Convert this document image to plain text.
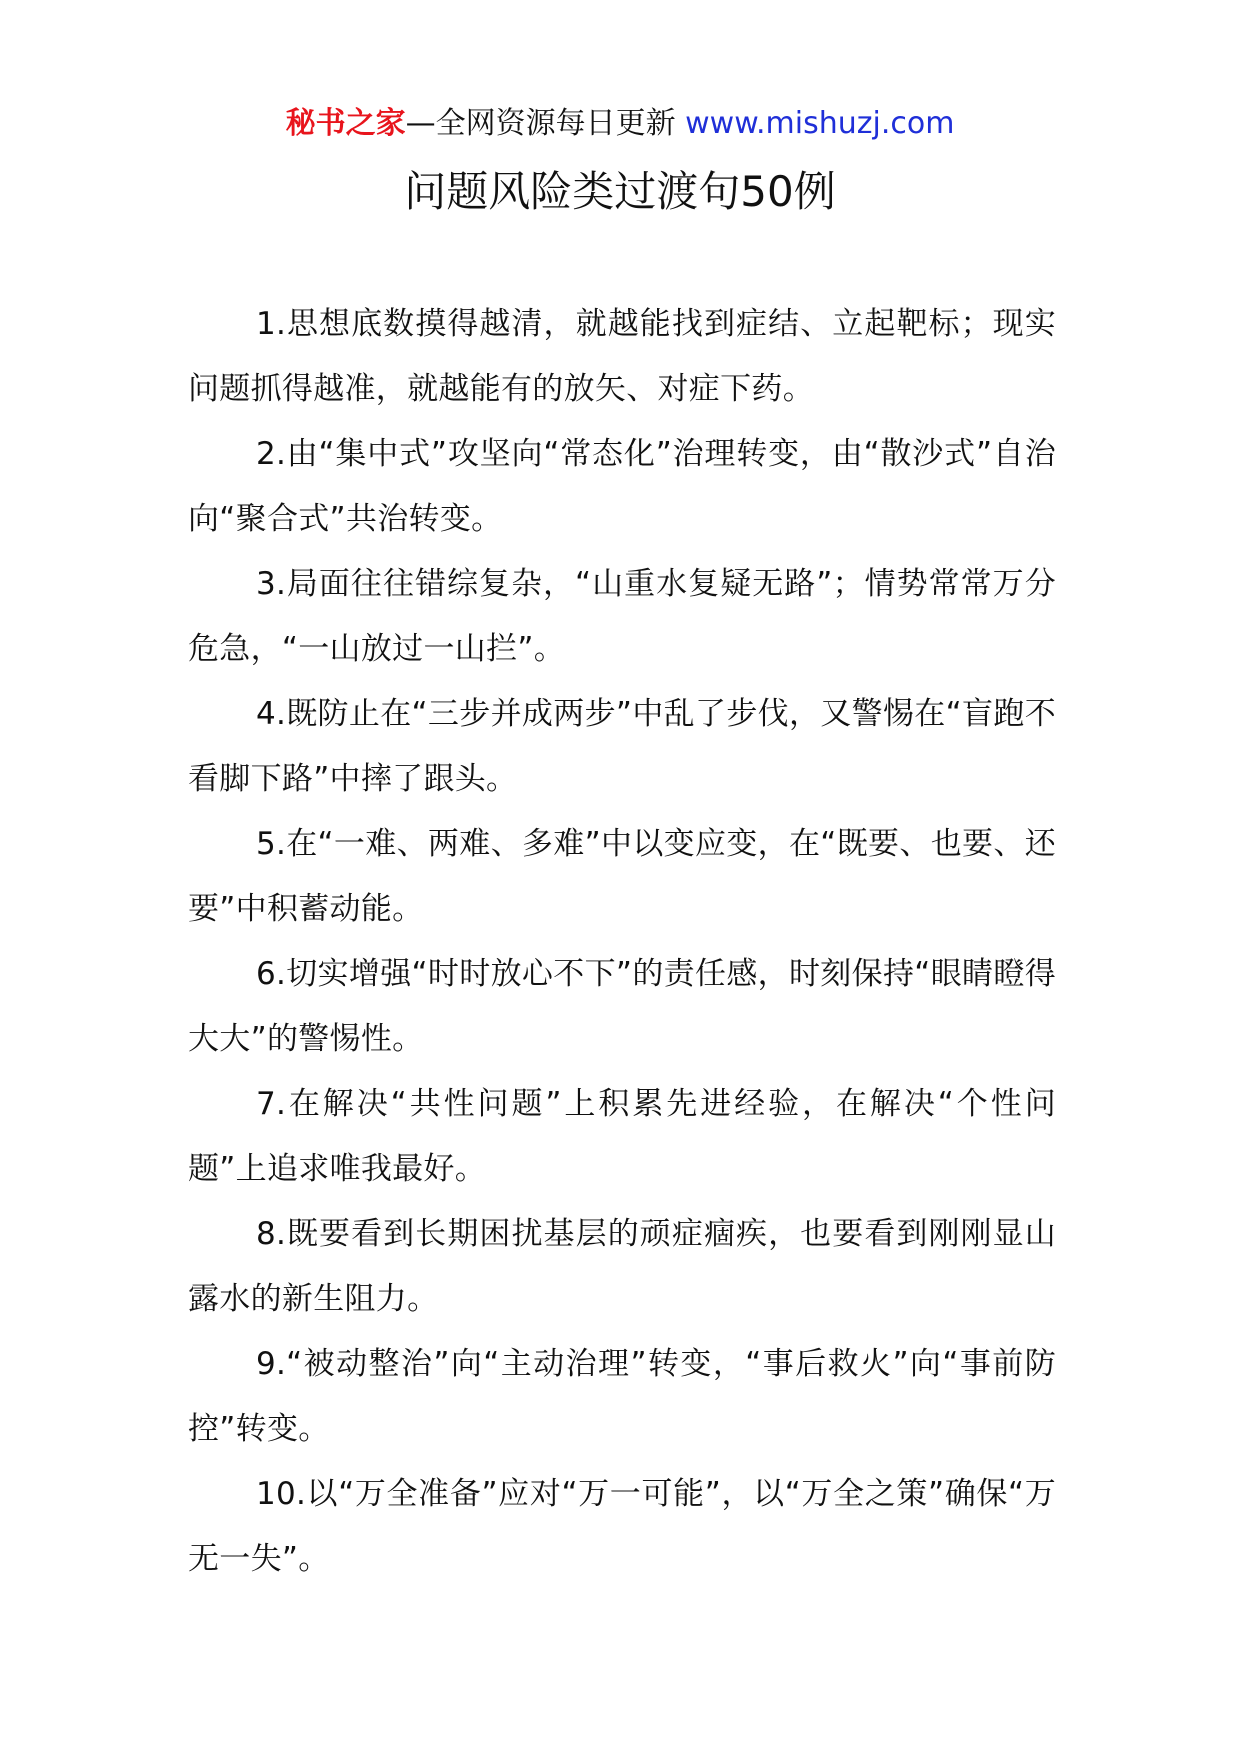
秘书之家—全网资源每日更新 www.mishuzj.com
问题风险类过渡句50例

1.思想底数摸得越清，就越能找到症结、立起靶标；现实问题抓得越准，就越能有的放矢、对症下药。

2.由“集中式”攻坚向“常态化”治理转变，由“散沙式”自治向“聚合式”共治转变。

3.局面往往错综复杂，“山重水复疑无路”；情势常常万分危急，“一山放过一山拦”。

4.既防止在“三步并成两步”中乱了步伐，又警惕在“盲跑不看脚下路”中摔了跟头。

5.在“一难、两难、多难”中以变应变，在“既要、也要、还要”中积蓄动能。

6.切实增强“时时放心不下”的责任感，时刻保持“眼睛瞪得大大”的警惕性。

7.在解决“共性问题”上积累先进经验，在解决“个性问题”上追求唯我最好。

8.既要看到长期困扰基层的顽症痼疾，也要看到刚刚显山露水的新生阻力。

9.“被动整治”向“主动治理”转变，“事后救火”向“事前防控”转变。

10.以“万全准备”应对“万一可能”，以“万全之策”确保“万无一失”。
